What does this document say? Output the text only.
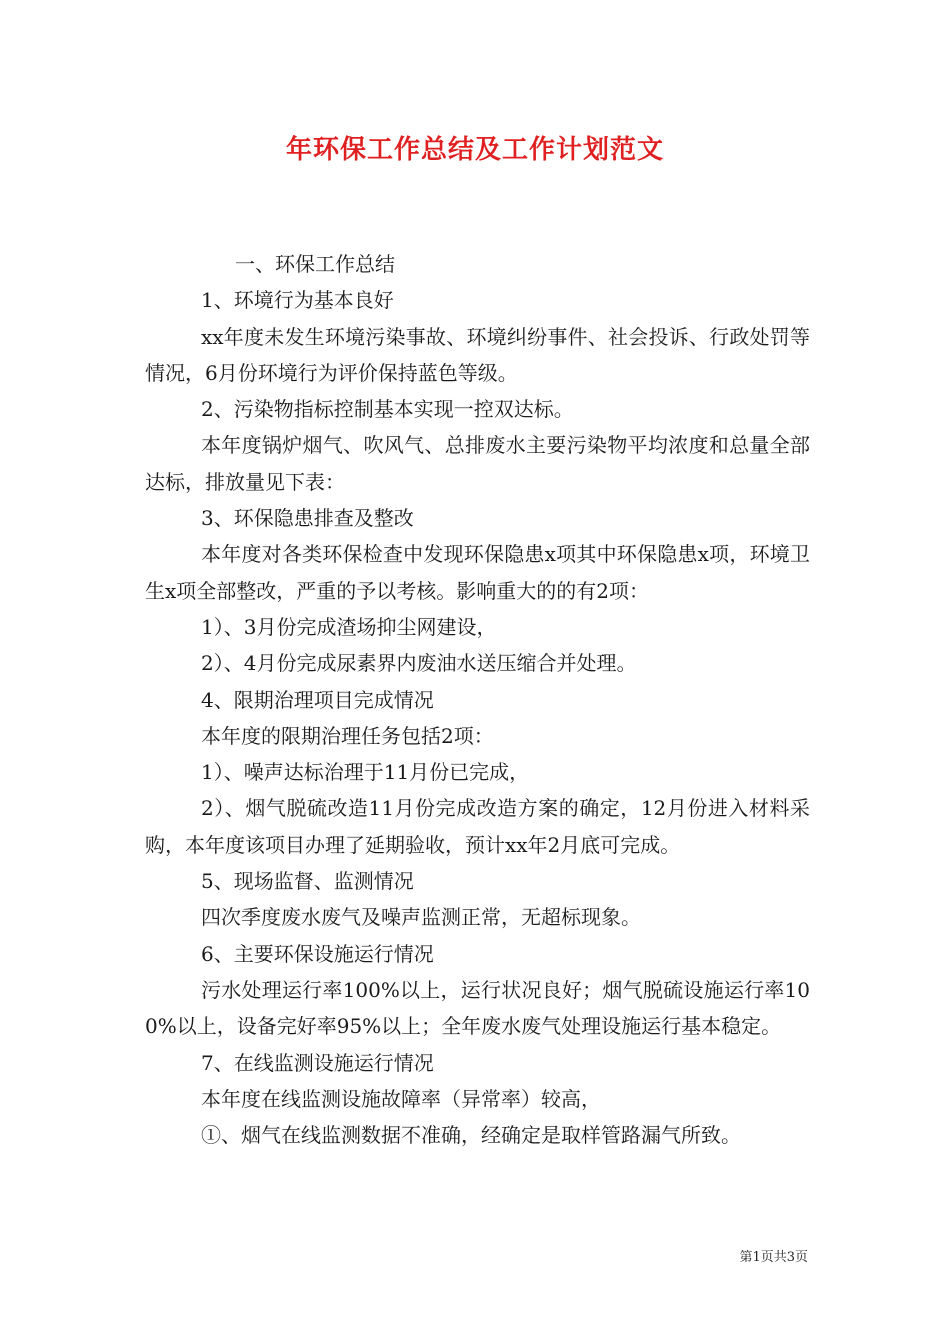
年环保工作总结及工作计划范文

一、环保工作总结

1、环境行为基本良好

xx年度未发生环境污染事故、环境纠纷事件、社会投诉、行政处罚等情况，6月份环境行为评价保持蓝色等级。

2、污染物指标控制基本实现一控双达标。

本年度锅炉烟气、吹风气、总排废水主要污染物平均浓度和总量全部达标，排放量见下表：

3、环保隐患排查及整改

本年度对各类环保检查中发现环保隐患x项其中环保隐患x项，环境卫生x项全部整改，严重的予以考核。影响重大的的有2项：

1）、3月份完成渣场抑尘网建设，

2）、4月份完成尿素界内废油水送压缩合并处理。

4、限期治理项目完成情况

本年度的限期治理任务包括2项：

1）、噪声达标治理于11月份已完成，

2）、烟气脱硫改造11月份完成改造方案的确定，12月份进入材料采购，本年度该项目办理了延期验收，预计xx年2月底可完成。

5、现场监督、监测情况

四次季度废水废气及噪声监测正常，无超标现象。

6、主要环保设施运行情况

污水处理运行率100%以上，运行状况良好；烟气脱硫设施运行率100%以上，设备完好率95%以上；全年废水废气处理设施运行基本稳定。

7、在线监测设施运行情况

本年度在线监测设施故障率（异常率）较高，

①、烟气在线监测数据不准确，经确定是取样管路漏气所致。

第1页共3页
